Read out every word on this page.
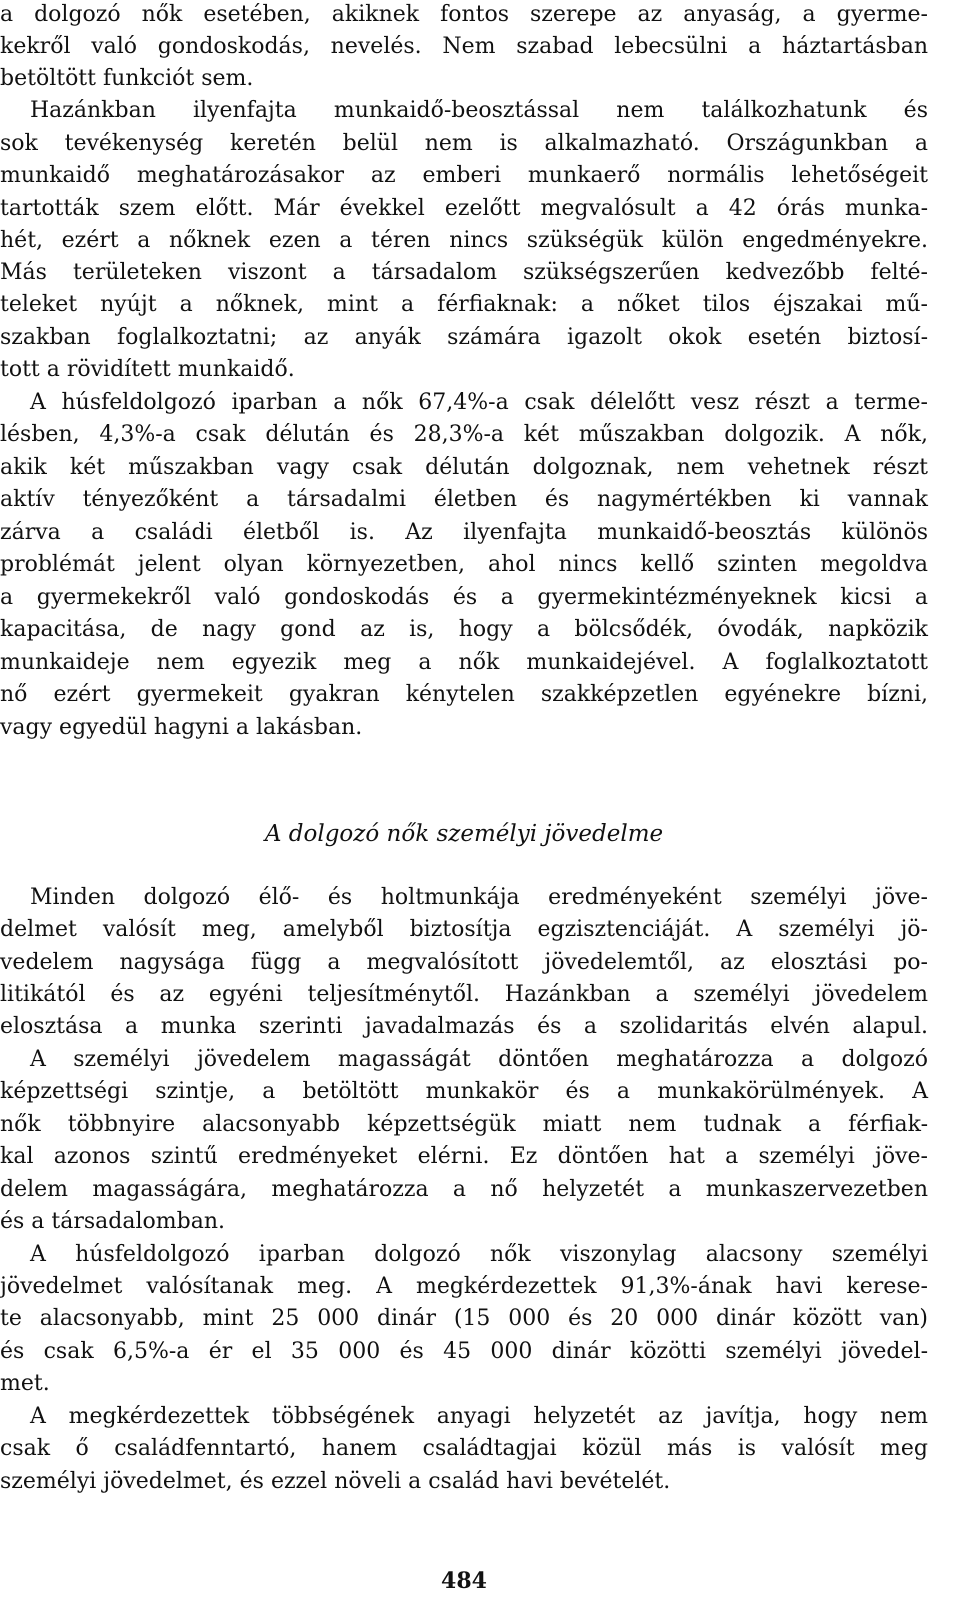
a dolgozó nők esetében, akiknek fontos szerepe az anyaság, a gyerme-
kekről való gondoskodás, nevelés. Nem szabad lebecsülni a háztartásban
betöltött funkciót sem.
Hazánkban ilyenfajta munkaidő-beosztással nem találkozhatunk és
sok tevékenység keretén belül nem is alkalmazható. Országunkban a
munkaidő meghatározásakor az emberi munkaerő normális lehetőségeit
tartották szem előtt. Már évekkel ezelőtt megvalósult a 42 órás munka-
hét, ezért a nőknek ezen a téren nincs szükségük külön engedményekre.
Más területeken viszont a társadalom szükségszerűen kedvezőbb felté-
teleket nyújt a nőknek, mint a férfiaknak: a nőket tilos éjszakai mű-
szakban foglalkoztatni; az anyák számára igazolt okok esetén biztosí-
tott a rövidített munkaidő.
A húsfeldolgozó iparban a nők 67,4%-a csak délelőtt vesz részt a terme-
lésben, 4,3%-a csak délután és 28,3%-a két műszakban dolgozik. A nők,
akik két műszakban vagy csak délután dolgoznak, nem vehetnek részt
aktív tényezőként a társadalmi életben és nagymértékben ki vannak
zárva a családi életből is. Az ilyenfajta munkaidő-beosztás különös
problémát jelent olyan környezetben, ahol nincs kellő szinten megoldva
a gyermekekről való gondoskodás és a gyermekintézményeknek kicsi a
kapacitása, de nagy gond az is, hogy a bölcsődék, óvodák, napközik
munkaideje nem egyezik meg a nők munkaidejével. A foglalkoztatott
nő ezért gyermekeit gyakran kénytelen szakképzetlen egyénekre bízni,
vagy egyedül hagyni a lakásban.
A dolgozó nők személyi jövedelme
Minden dolgozó élő- és holtmunkája eredményeként személyi jöve-
delmet valósít meg, amelyből biztosítja egzisztenciáját. A személyi jö-
vedelem nagysága függ a megvalósított jövedelemtől, az elosztási po-
litikától és az egyéni teljesítménytől. Hazánkban a személyi jövedelem
elosztása a munka szerinti javadalmazás és a szolidaritás elvén alapul.
A személyi jövedelem magasságát döntően meghatározza a dolgozó
képzettségi szintje, a betöltött munkakör és a munkakörülmények. A
nők többnyire alacsonyabb képzettségük miatt nem tudnak a férfiak-
kal azonos szintű eredményeket elérni. Ez döntően hat a személyi jöve-
delem magasságára, meghatározza a nő helyzetét a munkaszervezetben
és a társadalomban.
A húsfeldolgozó iparban dolgozó nők viszonylag alacsony személyi
jövedelmet valósítanak meg. A megkérdezettek 91,3%-ának havi kerese-
te alacsonyabb, mint 25 000 dinár (15 000 és 20 000 dinár között van)
és csak 6,5%-a ér el 35 000 és 45 000 dinár közötti személyi jövedel-
met.
A megkérdezettek többségének anyagi helyzetét az javítja, hogy nem
csak ő családfenntartó, hanem családtagjai közül más is valósít meg
személyi jövedelmet, és ezzel növeli a család havi bevételét.
484
